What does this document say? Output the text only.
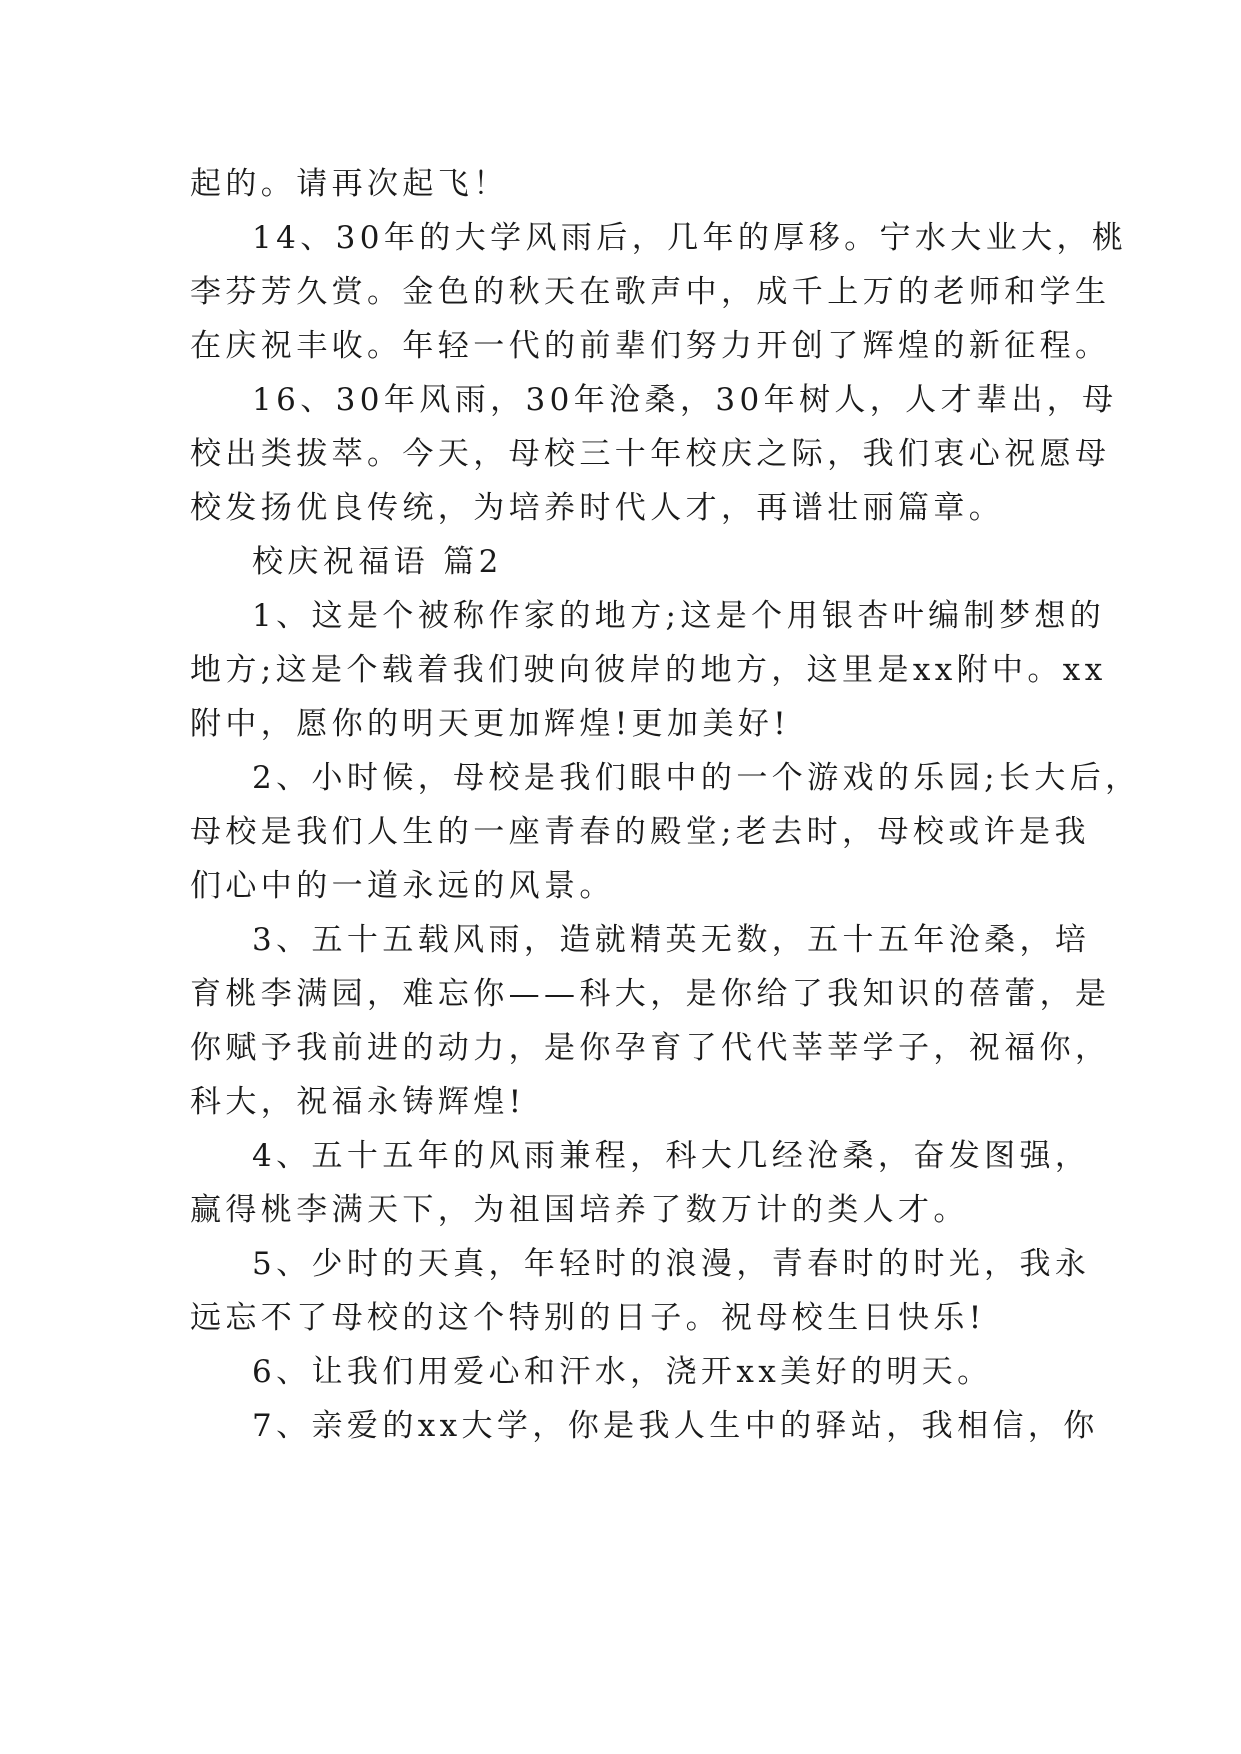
起的。请再次起飞！
14、30年的大学风雨后，几年的厚移。宁水大业大，桃
李芬芳久赏。金色的秋天在歌声中，成千上万的老师和学生
在庆祝丰收。年轻一代的前辈们努力开创了辉煌的新征程。
16、30年风雨，30年沧桑，30年树人，人才辈出，母
校出类拔萃。今天，母校三十年校庆之际，我们衷心祝愿母
校发扬优良传统，为培养时代人才，再谱壮丽篇章。
校庆祝福语 篇2
1、这是个被称作家的地方;这是个用银杏叶编制梦想的
地方;这是个载着我们驶向彼岸的地方，这里是xx附中。xx
附中，愿你的明天更加辉煌!更加美好!
2、小时候，母校是我们眼中的一个游戏的乐园;长大后，
母校是我们人生的一座青春的殿堂;老去时，母校或许是我
们心中的一道永远的风景。
3、五十五载风雨，造就精英无数，五十五年沧桑，培
育桃李满园，难忘你——科大，是你给了我知识的蓓蕾，是
你赋予我前进的动力，是你孕育了代代莘莘学子，祝福你，
科大，祝福永铸辉煌!
4、五十五年的风雨兼程，科大几经沧桑，奋发图强，
赢得桃李满天下，为祖国培养了数万计的类人才。
5、少时的天真，年轻时的浪漫，青春时的时光，我永
远忘不了母校的这个特别的日子。祝母校生日快乐!
6、让我们用爱心和汗水，浇开xx美好的明天。
7、亲爱的xx大学，你是我人生中的驿站，我相信，你
